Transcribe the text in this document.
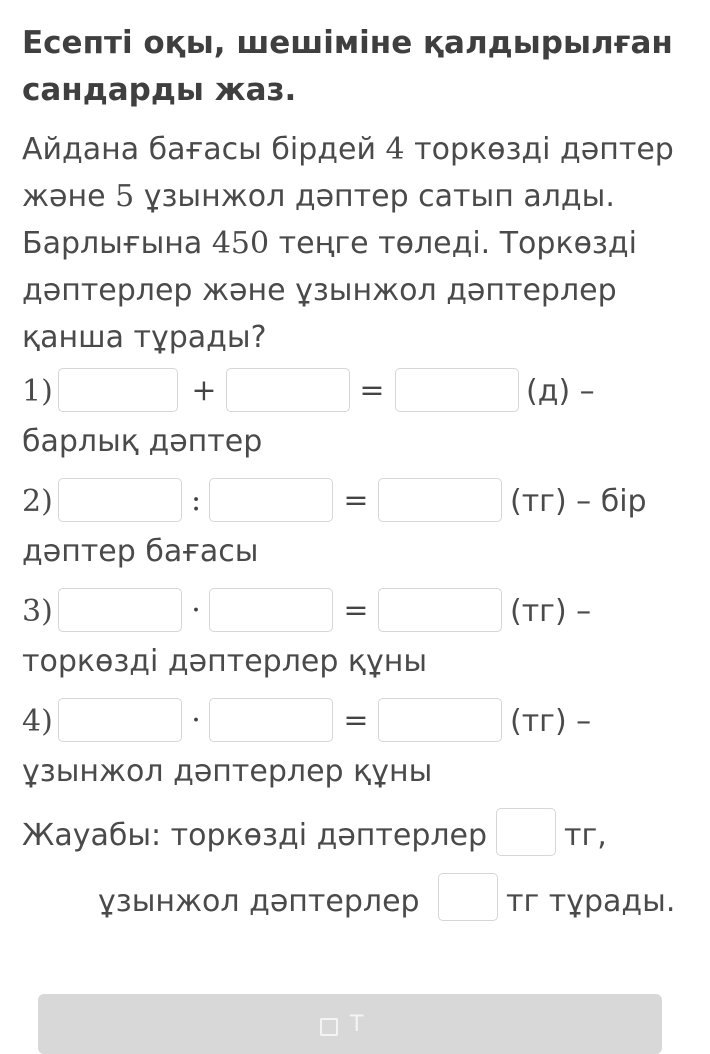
Есепті оқы, шешіміне қалдырылған
сандарды жаз.
Айдана бағасы бірдей 4 торкөзді дәптер
және 5 ұзынжол дәптер сатып алды.
Барлығына 450 теңге төледі. Торкөзді
дәптерлер және ұзынжол дәптерлер
қанша тұрады?
1)	+	=	(д) –
барлық дәптер
2)	:	=	(тг) – бір
дәптер бағасы
3)	·	=	(тг) –
торкөзді дәптерлер құны
4)	·	=	(тг) –
ұзынжол дәптерлер құны
Жауабы: торкөзді дәптерлер	тг,
ұзынжол дәптерлер	тг тұрады.
Т
